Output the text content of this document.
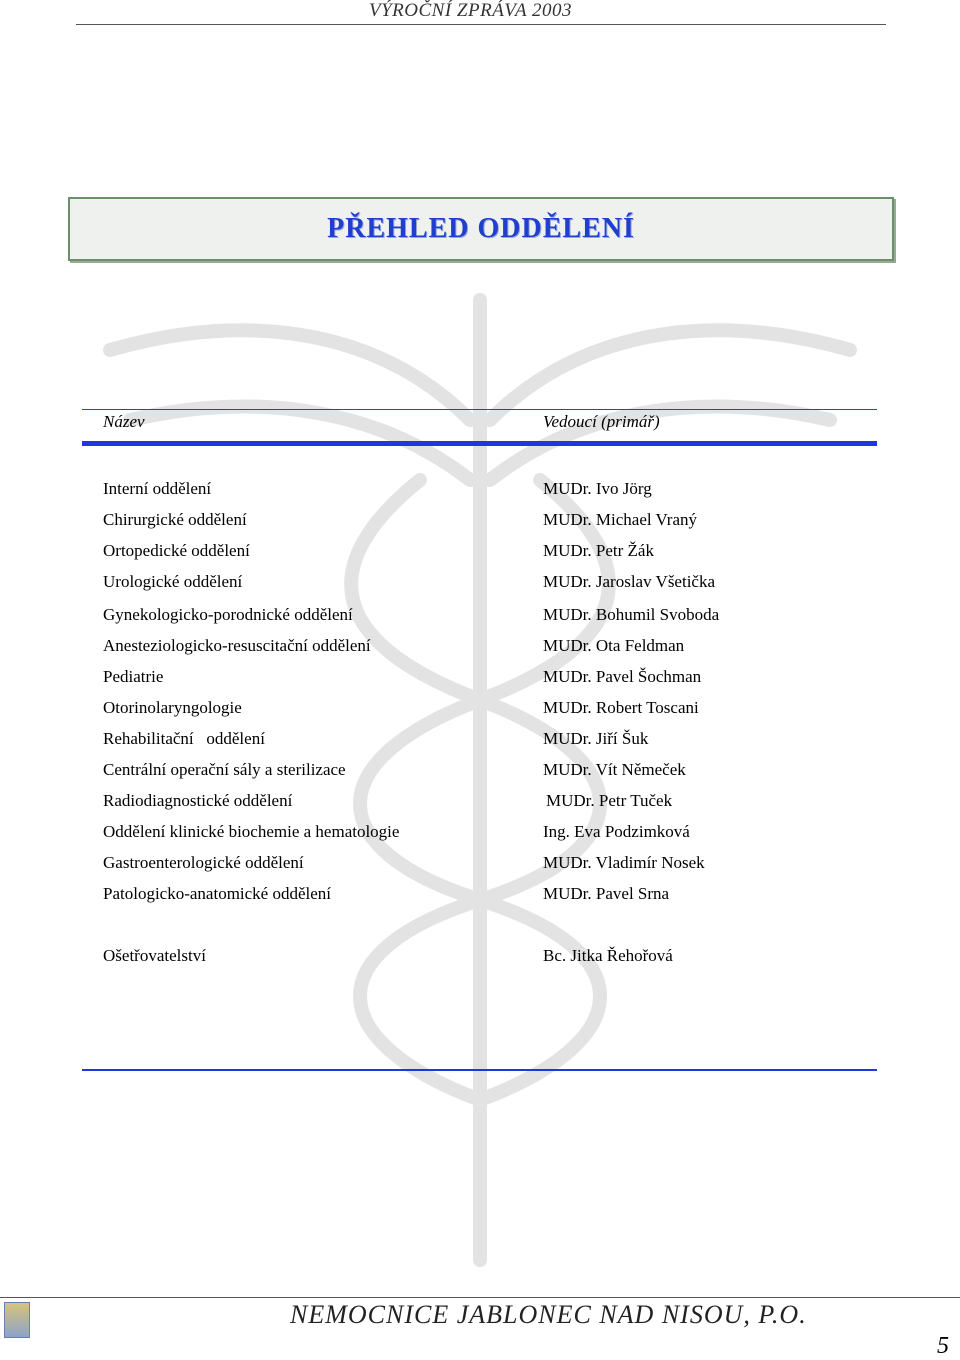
VÝROČNÍ ZPRÁVA 2003
PŘEHLED ODDĚLENÍ
Název	Vedoucí (primář)
Interní oddělení	MUDr. Ivo Jörg
Chirurgické oddělení	MUDr. Michael Vraný
Ortopedické oddělení	MUDr. Petr Žák
Urologické oddělení	MUDr. Jaroslav Všetička
Gynekologicko-porodnické oddělení	MUDr. Bohumil Svoboda
Anesteziologicko-resuscitační oddělení	MUDr. Ota Feldman
Pediatrie	MUDr. Pavel Šochman
Otorinolaryngologie	MUDr. Robert Toscani
Rehabilitační   oddělení	MUDr. Jiří Šuk
Centrální operační sály a sterilizace	MUDr. Vít Němeček
Radiodiagnostické oddělení	MUDr. Petr Tuček
Oddělení klinické biochemie a hematologie	Ing. Eva Podzimková
Gastroenterologické oddělení	MUDr. Vladimír Nosek
Patologicko-anatomické oddělení	MUDr. Pavel Srna
Ošetřovatelství	Bc. Jitka Řehořová
NEMOCNICE JABLONEC NAD NISOU, P.O.
5
